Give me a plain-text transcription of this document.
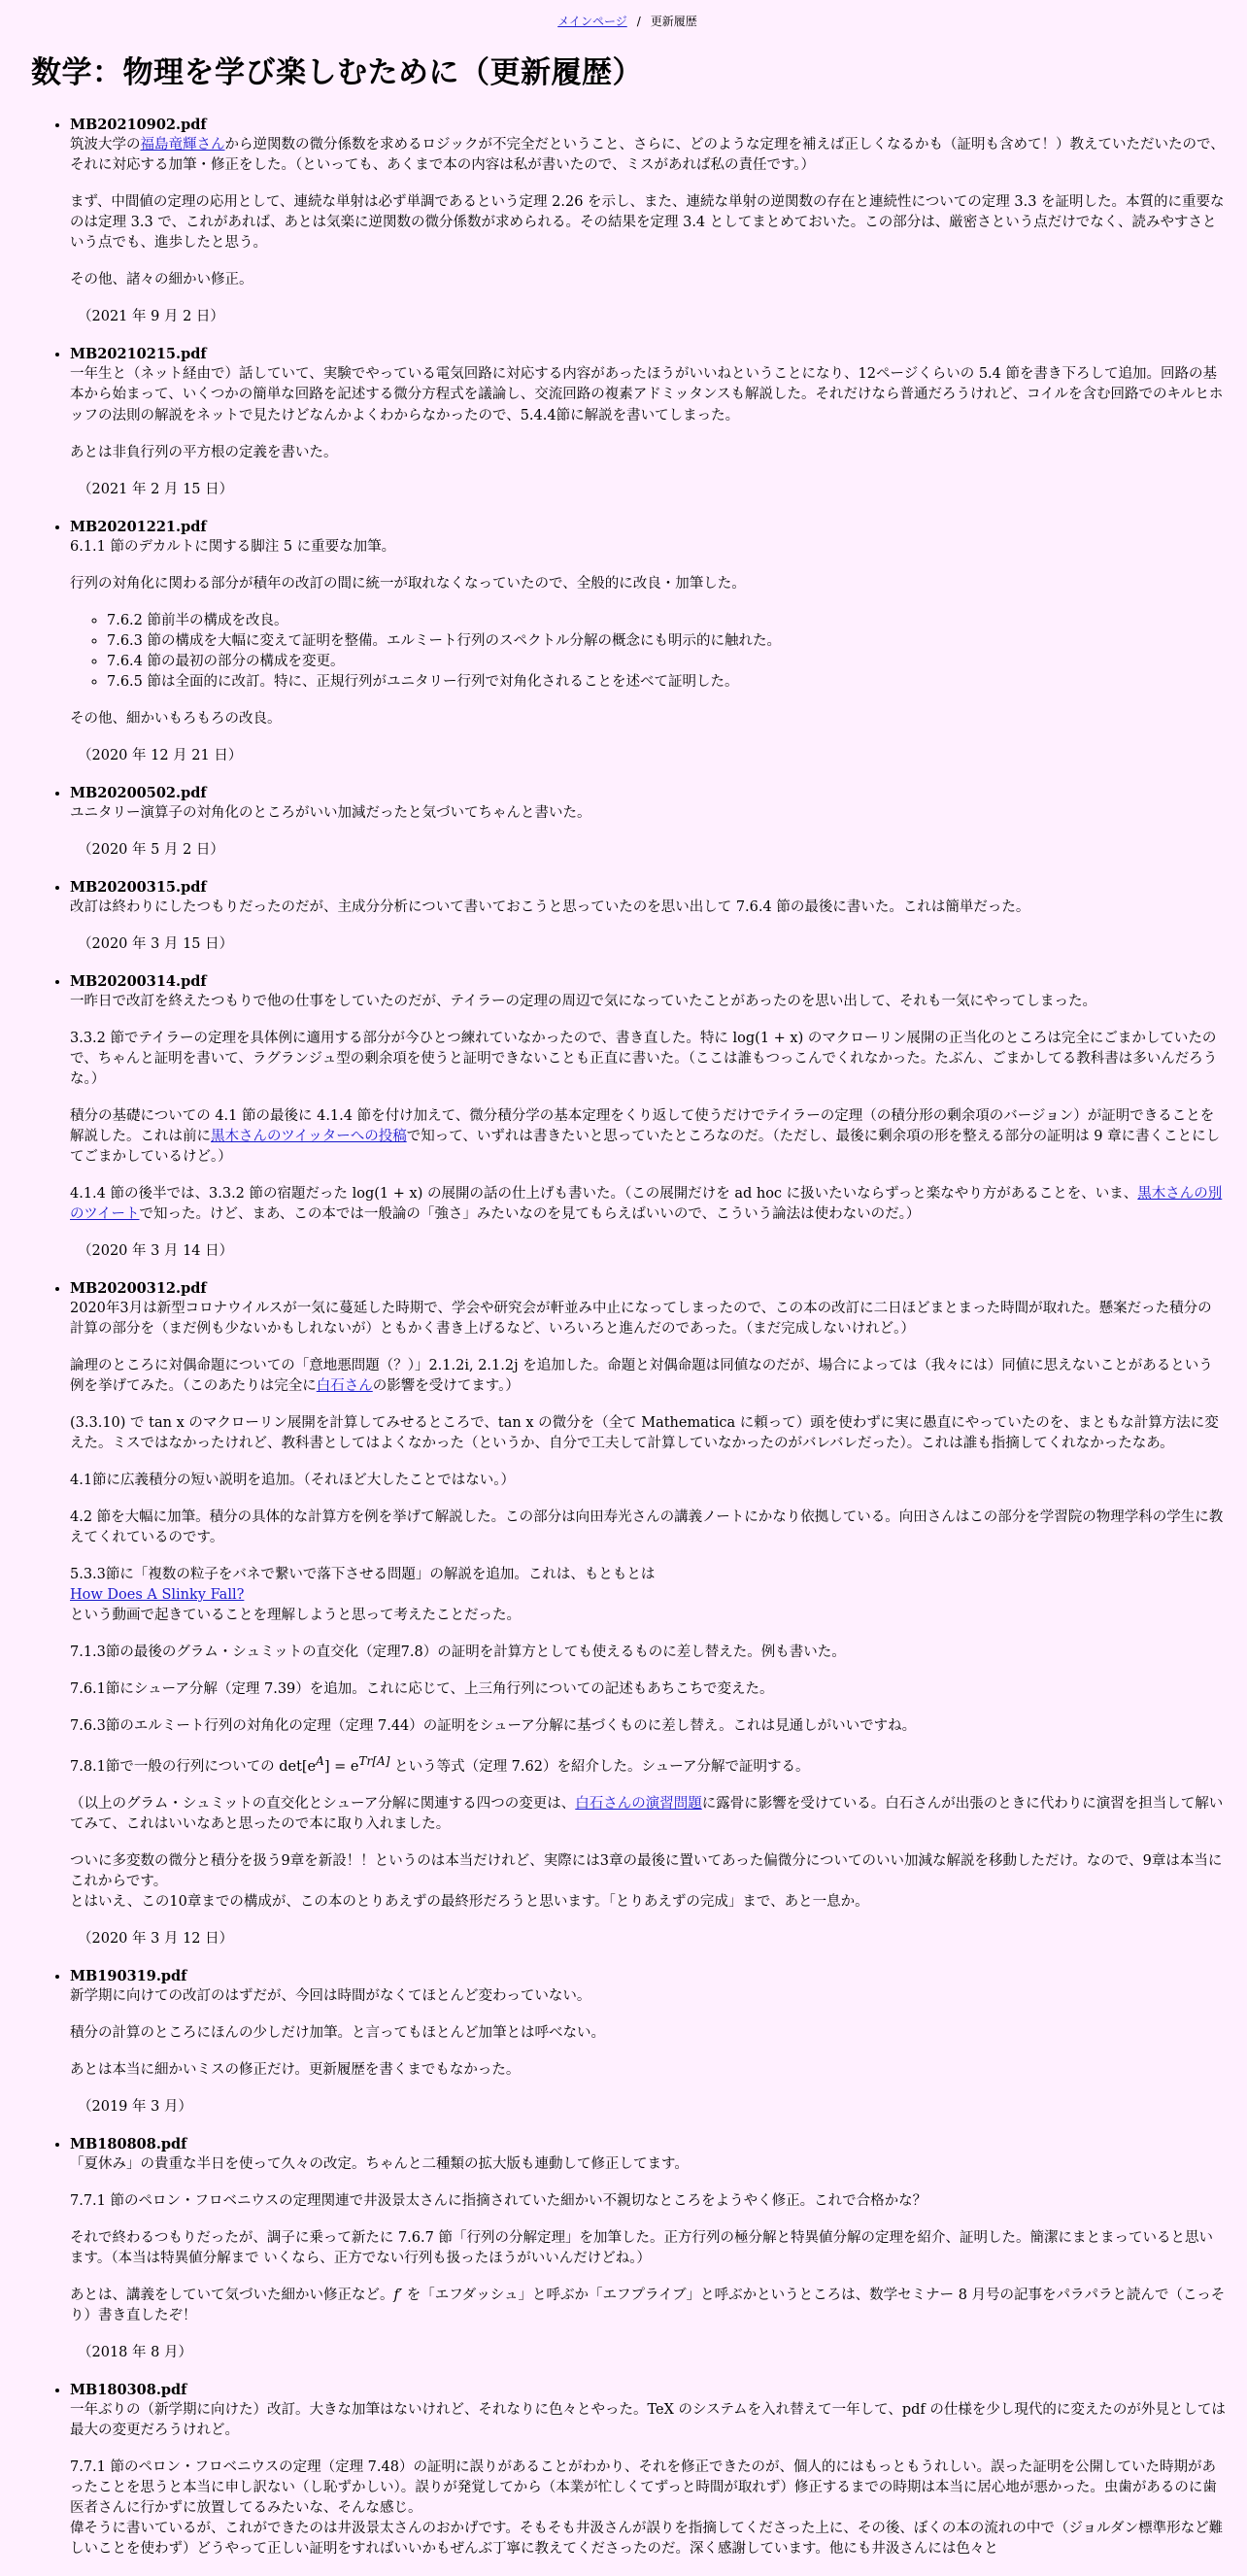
メインページ / 更新履歴
数学：物理を学び楽しむために（更新履歴）
• MB20210902.pdf

筑波大学の福島竜輝さんから逆関数の微分係数を求めるロジックが不完全だということ、さらに、どのような定理を補えば正しくなるかも（証明も含めて！）教えていただいたので、それに対応する加筆・修正をした。（といっても、あくまで本の内容は私が書いたので、ミスがあれば私の責任です。）

まず、中間値の定理の応用として、連続な単射は必ず単調であるという定理 2.26 を示し、また、連続な単射の逆関数の存在と連続性についての定理 3.3 を証明した。本質的に重要なのは定理 3.3 で、これがあれば、あとは気楽に逆関数の微分係数が求められる。その結果を定理 3.4 としてまとめておいた。この部分は、厳密さという点だけでなく、読みやすさという点でも、進歩したと思う。

その他、諸々の細かい修正。

（2021 年 9 月 2 日）

• MB20210215.pdf

一年生と（ネット経由で）話していて、実験でやっている電気回路に対応する内容があったほうがいいねということになり、12ページくらいの 5.4 節を書き下ろして追加。回路の基本から始まって、いくつかの簡単な回路を記述する微分方程式を議論し、交流回路の複素アドミッタンスも解説した。それだけなら普通だろうけれど、コイルを含む回路でのキルヒホッフの法則の解説をネットで見たけどなんかよくわからなかったので、5.4.4節に解説を書いてしまった。

あとは非負行列の平方根の定義を書いた。

（2021 年 2 月 15 日）

• MB20201221.pdf

6.1.1 節のデカルトに関する脚注 5 に重要な加筆。

行列の対角化に関わる部分が積年の改訂の間に統一が取れなくなっていたので、全般的に改良・加筆した。

◦ 7.6.2 節前半の構成を改良。
◦ 7.6.3 節の構成を大幅に変えて証明を整備。エルミート行列のスペクトル分解の概念にも明示的に触れた。
◦ 7.6.4 節の最初の部分の構成を変更。
◦ 7.6.5 節は全面的に改訂。特に、正規行列がユニタリー行列で対角化されることを述べて証明した。

その他、細かいもろもろの改良。

（2020 年 12 月 21 日）

• MB20200502.pdf

ユニタリー演算子の対角化のところがいい加減だったと気づいてちゃんと書いた。

（2020 年 5 月 2 日）

• MB20200315.pdf

改訂は終わりにしたつもりだったのだが、主成分分析について書いておこうと思っていたのを思い出して 7.6.4 節の最後に書いた。これは簡単だった。

（2020 年 3 月 15 日）

• MB20200314.pdf

一昨日で改訂を終えたつもりで他の仕事をしていたのだが、テイラーの定理の周辺で気になっていたことがあったのを思い出して、それも一気にやってしまった。

3.3.2 節でテイラーの定理を具体例に適用する部分が今ひとつ練れていなかったので、書き直した。特に log(1 + x) のマクローリン展開の正当化のところは完全にごまかしていたので、ちゃんと証明を書いて、ラグランジュ型の剰余項を使うと証明できないことも正直に書いた。（ここは誰もつっこんでくれなかった。たぶん、ごまかしてる教科書は多いんだろうな。）

積分の基礎についての 4.1 節の最後に 4.1.4 節を付け加えて、微分積分学の基本定理をくり返して使うだけでテイラーの定理（の積分形の剰余項のバージョン）が証明できることを解説した。これは前に黒木さんのツイッターへの投稿で知って、いずれは書きたいと思っていたところなのだ。（ただし、最後に剰余項の形を整える部分の証明は 9 章に書くことにしてごまかしているけど。）

4.1.4 節の後半では、3.3.2 節の宿題だった log(1 + x) の展開の話の仕上げも書いた。（この展開だけを ad hoc に扱いたいならずっと楽なやり方があることを、いま、黒木さんの別のツイートで知った。けど、まあ、この本では一般論の「強さ」みたいなのを見てもらえばいいので、こういう論法は使わないのだ。）

（2020 年 3 月 14 日）

• MB20200312.pdf

2020年3月は新型コロナウイルスが一気に蔓延した時期で、学会や研究会が軒並み中止になってしまったので、この本の改訂に二日ほどまとまった時間が取れた。懸案だった積分の計算の部分を（まだ例も少ないかもしれないが）ともかく書き上げるなど、いろいろと進んだのであった。（まだ完成しないけれど。）

論理のところに対偶命題についての「意地悪問題（？）」2.1.2i, 2.1.2j を追加した。命題と対偶命題は同値なのだが、場合によっては（我々には）同値に思えないことがあるという例を挙げてみた。（このあたりは完全に白石さんの影響を受けてます。）

(3.3.10) で tan x のマクローリン展開を計算してみせるところで、tan x の微分を（全て Mathematica に頼って）頭を使わずに実に愚直にやっていたのを、まともな計算方法に変えた。ミスではなかったけれど、教科書としてはよくなかった（というか、自分で工夫して計算していなかったのがバレバレだった）。これは誰も指摘してくれなかったなあ。

4.1節に広義積分の短い説明を追加。（それほど大したことではない。）

4.2 節を大幅に加筆。積分の具体的な計算方を例を挙げて解説した。この部分は向田寿光さんの講義ノートにかなり依拠している。向田さんはこの部分を学習院の物理学科の学生に教えてくれているのです。

5.3.3節に「複数の粒子をバネで繋いで落下させる問題」の解説を追加。これは、もともとは
How Does A Slinky Fall?
という動画で起きていることを理解しようと思って考えたことだった。

7.1.3節の最後のグラム・シュミットの直交化（定理7.8）の証明を計算方としても使えるものに差し替えた。例も書いた。

7.6.1節にシューア分解（定理 7.39）を追加。これに応じて、上三角行列についての記述もあちこちで変えた。

7.6.3節のエルミート行列の対角化の定理（定理 7.44）の証明をシューア分解に基づくものに差し替え。これは見通しがいいですね。

7.8.1節で一般の行列についての $\det[e^A] = e^{Tr[A]}$ という等式（定理 7.62）を紹介した。シューア分解で証明する。

（以上のグラム・シュミットの直交化とシューア分解に関連する四つの変更は、白石さんの演習問題に露骨に影響を受けている。白石さんが出張のときに代わりに演習を担当して解いてみて、これはいいなあと思ったので本に取り入れました。

ついに多変数の微分と積分を扱う9章を新設！！というのは本当だけれど、実際には3章の最後に置いてあった偏微分についてのいい加減な解説を移動しただけ。なので、9章は本当にこれからです。
とはいえ、この10章までの構成が、この本のとりあえずの最終形だろうと思います。「とりあえずの完成」まで、あと一息か。

（2020 年 3 月 12 日）

• MB190319.pdf

新学期に向けての改訂のはずだが、今回は時間がなくてほとんど変わっていない。

積分の計算のところにほんの少しだけ加筆。と言ってもほとんど加筆とは呼べない。

あとは本当に細かいミスの修正だけ。更新履歴を書くまでもなかった。

（2019 年 3 月）

• MB180808.pdf

「夏休み」の貴重な半日を使って久々の改定。ちゃんと二種類の拡大版も連動して修正してます。

7.7.1 節のペロン・フロベニウスの定理関連で井汲景太さんに指摘されていた細かい不親切なところをようやく修正。これで合格かな？

それで終わるつもりだったが、調子に乗って新たに 7.6.7 節「行列の分解定理」を加筆した。正方行列の極分解と特異値分解の定理を紹介、証明した。簡潔にまとまっていると思います。（本当は特異値分解まで いくなら、正方でない行列も扱ったほうがいいんだけどね。）

あとは、講義をしていて気づいた細かい修正など。f′ を「エフダッシュ」と呼ぶか「エフプライブ」と呼ぶかというところは、数学セミナー 8 月号の記事をパラパラと読んで（こっそり）書き直したぞ！

（2018 年 8 月）

• MB180308.pdf

一年ぶりの（新学期に向けた）改訂。大きな加筆はないけれど、それなりに色々とやった。TeX のシステムを入れ替えて一年して、pdf の仕様を少し現代的に変えたのが外見としては最大の変更だろうけれど。

7.7.1 節のペロン・フロベニウスの定理（定理 7.48）の証明に誤りがあることがわかり、それを修正できたのが、個人的にはもっともうれしい。誤った証明を公開していた時期があったことを思うと本当に申し訳ない（し恥ずかしい）。誤りが発覚してから（本業が忙しくてずっと時間が取れず）修正するまでの時期は本当に居心地が悪かった。虫歯があるのに歯医者さんに行かずに放置してるみたいな、そんな感じ。
偉そうに書いているが、これができたのは井汲景太さんのおかげです。そもそも井汲さんが誤りを指摘してくださった上に、その後、ぼくの本の流れの中で（ジョルダン標準形など難しいことを使わず）どうやって正しい証明をすればいいかもぜんぶ丁寧に教えてくださったのだ。深く感謝しています。他にも井汲さんには色々と
